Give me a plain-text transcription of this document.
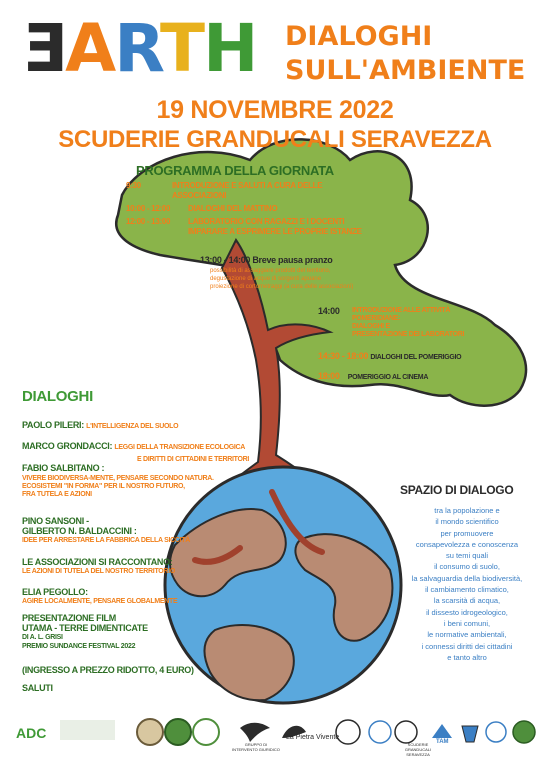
ƎARTH DIALOGHI
SULL'AMBIENTE
19 NOVEMBRE 2022
SCUDERIE GRANDUCALI SERAVEZZA
PROGRAMMA DELLA GIORNATA
9:30	INTRODUZIONE E SALUTI A CURA DELLE
ASSOCIAZIONI
10:00 - 12:00 DIALOGHI DEL MATTINO
12:00 - 13:00 LABORATORIO CON RAGAZZI E I DOCENTI
IMPARARE A ESPRIMERE LE PROPRIE ISTANZE
13:00 - 14:00 Breve pausa pranzo
possibilità di assaggiare prodotti del territorio,
degustazione di acque di sorgenti apuane
proiezione di cortometraggi (a cura delle associazioni)
14:00 INTRODUZIONE ALLE ATTIVITÀ
POMERIDIANE:
DIALOGHI E
PRESENTAZIONE DEI LABORATORI
14:30 - 18:00 DIALOGHI DEL POMERIGGIO
18:00 POMERIGGIO AL CINEMA
DIALOGHI
PAOLO PILERI: L'INTELLIGENZA DEL SUOLO
MARCO GRONDACCI: LEGGI DELLA TRANSIZIONE ECOLOGICA
E DIRITTI DI CITTADINI E TERRITORI
FABIO SALBITANO :
VIVERE BIODIVERSA-MENTE, PENSARE SECONDO NATURA.
ECOSISTEMI "IN FORMA" PER IL NOSTRO FUTURO,
FRA TUTELA E AZIONI
PINO SANSONI -
GILBERTO N. BALDACCINI :
IDEE PER ARRESTARE LA FABBRICA DELLA SICCITÀ
LE ASSOCIAZIONI SI RACCONTANO:
LE AZIONI DI TUTELA DEL NOSTRO TERRITORIO
ELIA PEGOLLO:
AGIRE LOCALMENTE, PENSARE GLOBALMENTE
PRESENTAZIONE FILM
UTAMA - TERRE DIMENTICATE
DI A. L. GRISI
PREMIO SUNDANCE FESTIVAL 2022
(INGRESSO A PREZZO RIDOTTO, 4 EURO)
SALUTI
SPAZIO DI DIALOGO
tra la popolazione e
il mondo scientifico
per promuovere
consapevolezza e conoscenza
su temi quali
il consumo di suolo,
la salvaguardia della biodiversità,
il cambiamento climatico,
la scarsità di acqua,
il dissesto idrogeologico,
i beni comuni,
le normative ambientali,
i connessi diritti dei cittadini
e tanto altro
ADC
GRUPPO DI INTERVENTO GIURIDICO
La Pietra Vivente
SCUDERIE GRANDUCALI SERAVEZZA
TAM
